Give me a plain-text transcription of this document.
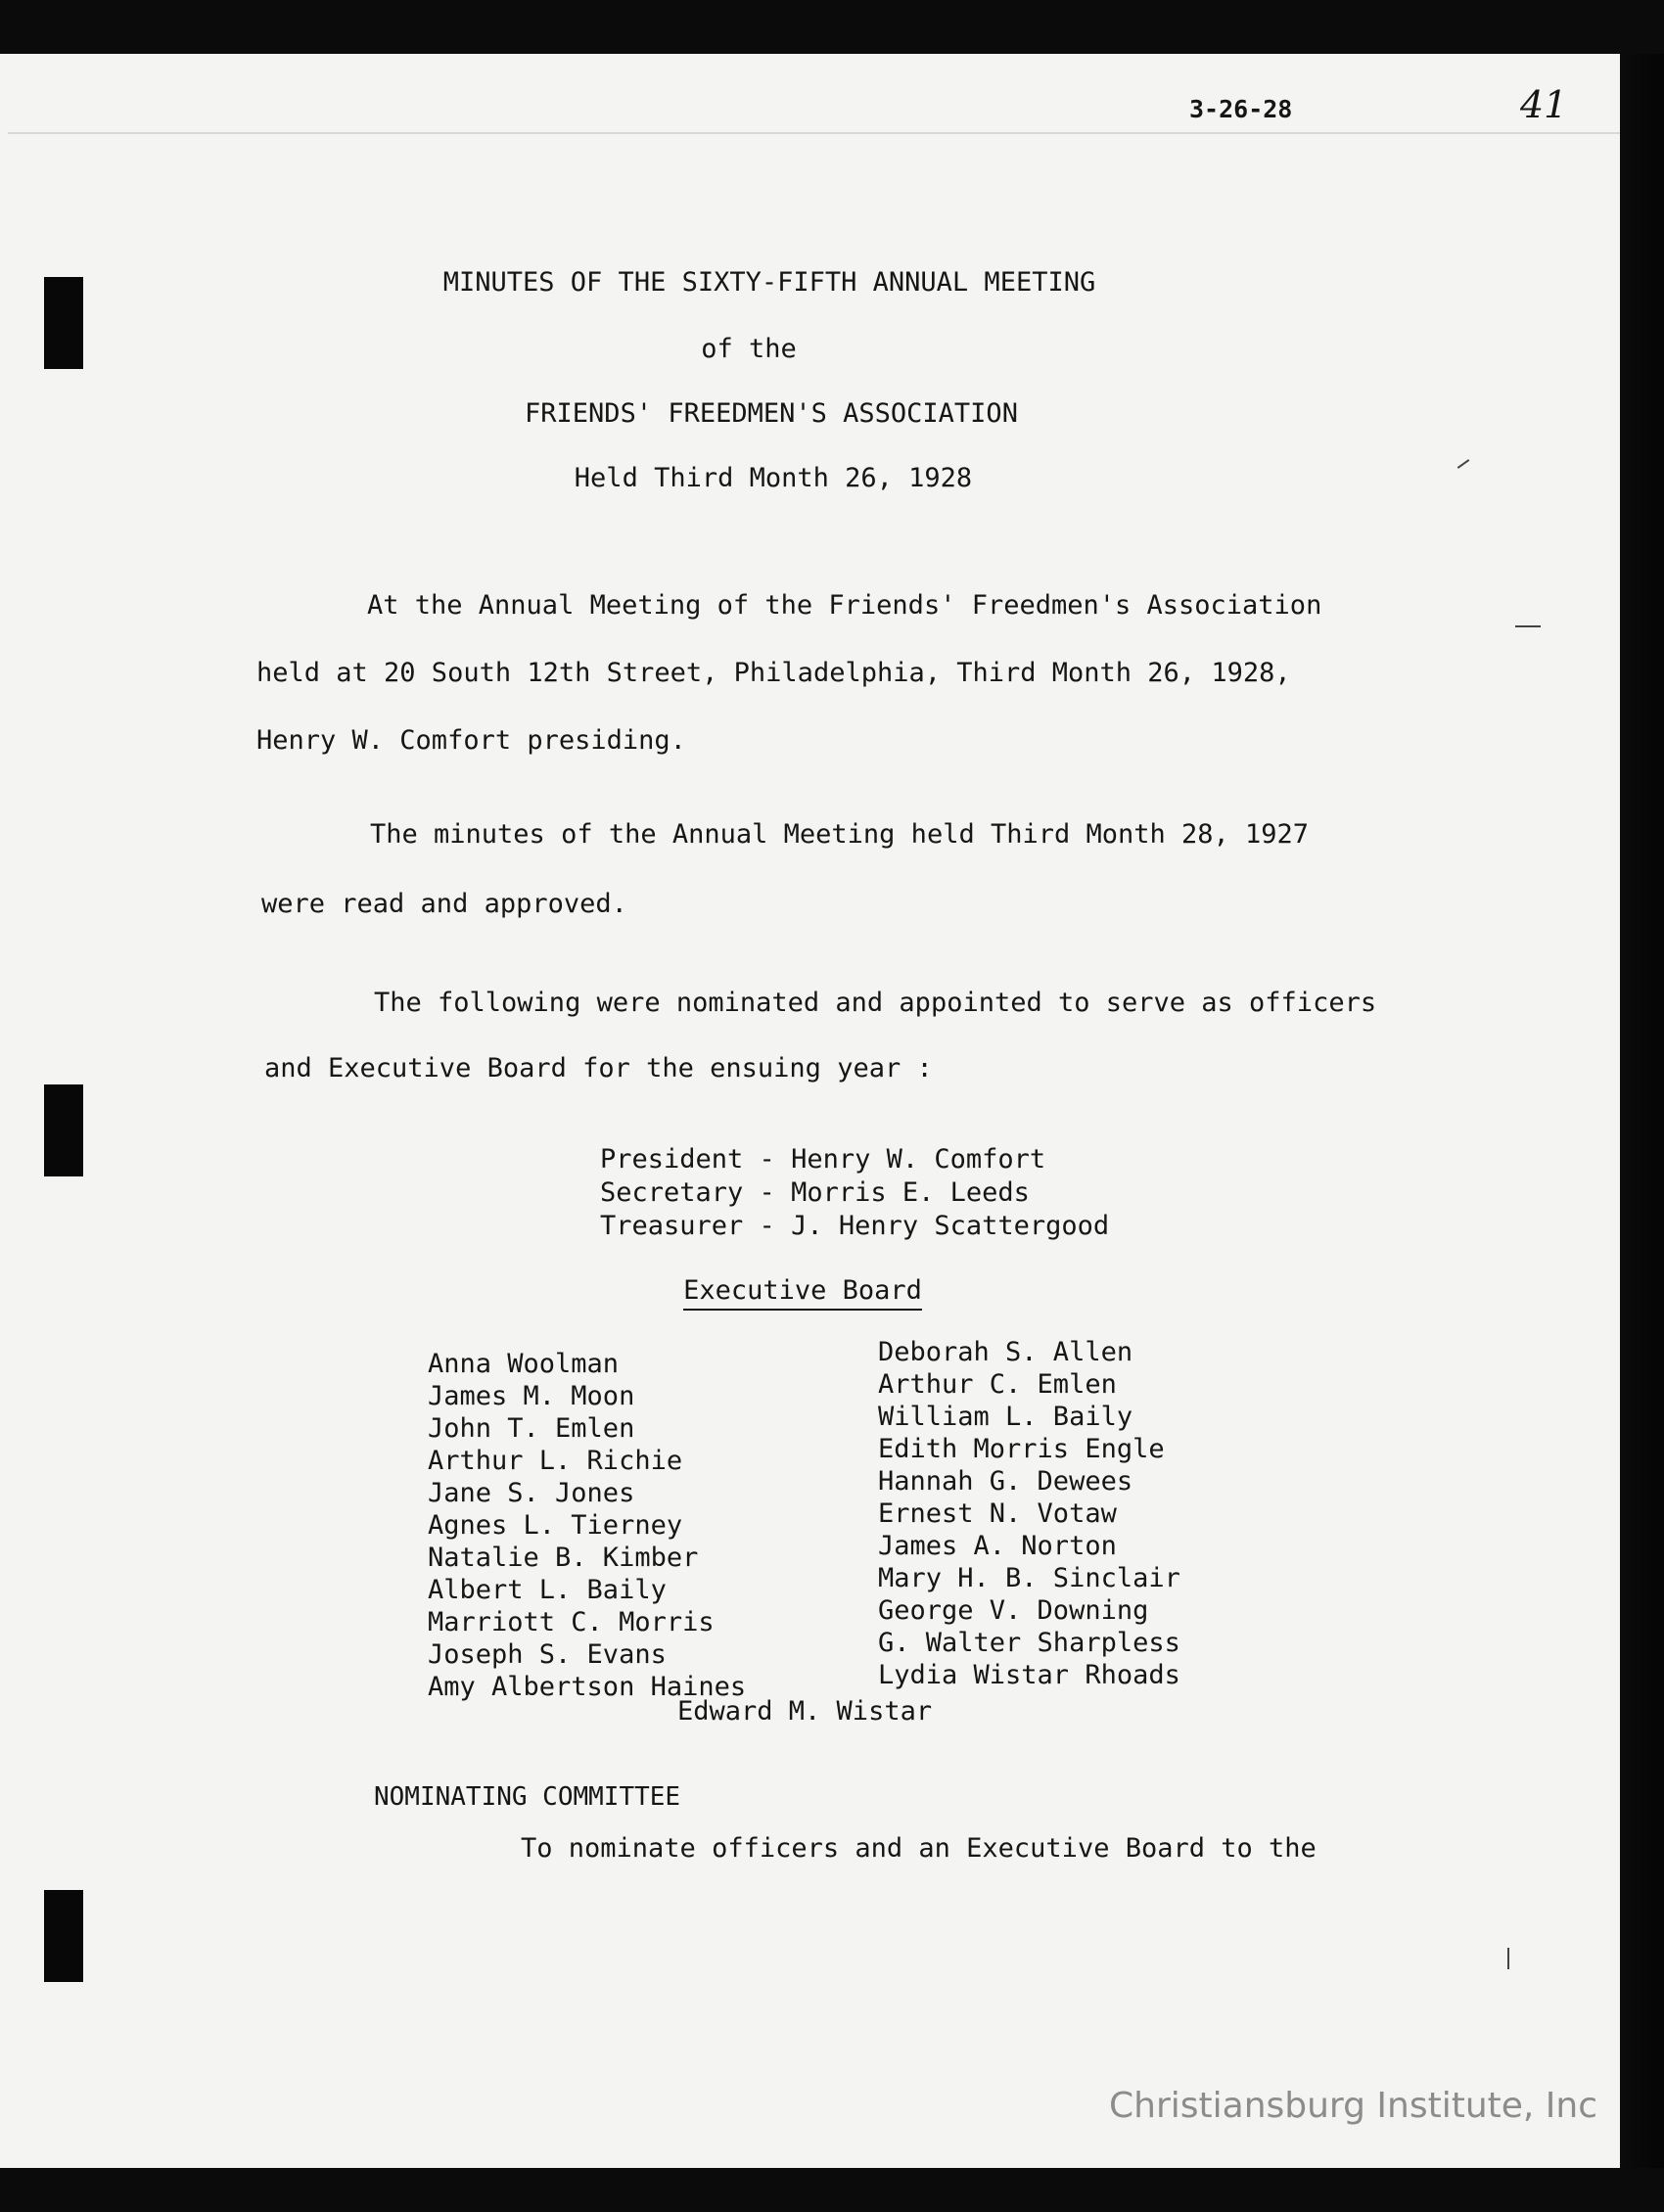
3-26-28	41
MINUTES OF THE SIXTY-FIFTH ANNUAL MEETING
of the
FRIENDS' FREEDMEN'S ASSOCIATION
Held Third Month 26, 1928
At the Annual Meeting of the Friends' Freedmen's Association
held at 20 South 12th Street, Philadelphia, Third Month 26, 1928,
Henry W. Comfort presiding.
The minutes of the Annual Meeting held Third Month 28, 1927
were read and approved.
The following were nominated and appointed to serve as officers
and Executive Board for the ensuing year :
President - Henry W. Comfort
Secretary - Morris E. Leeds
Treasurer - J. Henry Scattergood
Executive Board
Anna Woolman
James M. Moon
John T. Emlen
Arthur L. Richie
Jane S. Jones
Agnes L. Tierney
Natalie B. Kimber
Albert L. Baily
Marriott C. Morris
Joseph S. Evans
Amy Albertson Haines
Deborah S. Allen
Arthur C. Emlen
William L. Baily
Edith Morris Engle
Hannah G. Dewees
Ernest N. Votaw
James A. Norton
Mary H. B. Sinclair
George V. Downing
G. Walter Sharpless
Lydia Wistar Rhoads
Edward M. Wistar
NOMINATING COMMITTEE
To nominate officers and an Executive Board to the
Christiansburg Institute, Inc
